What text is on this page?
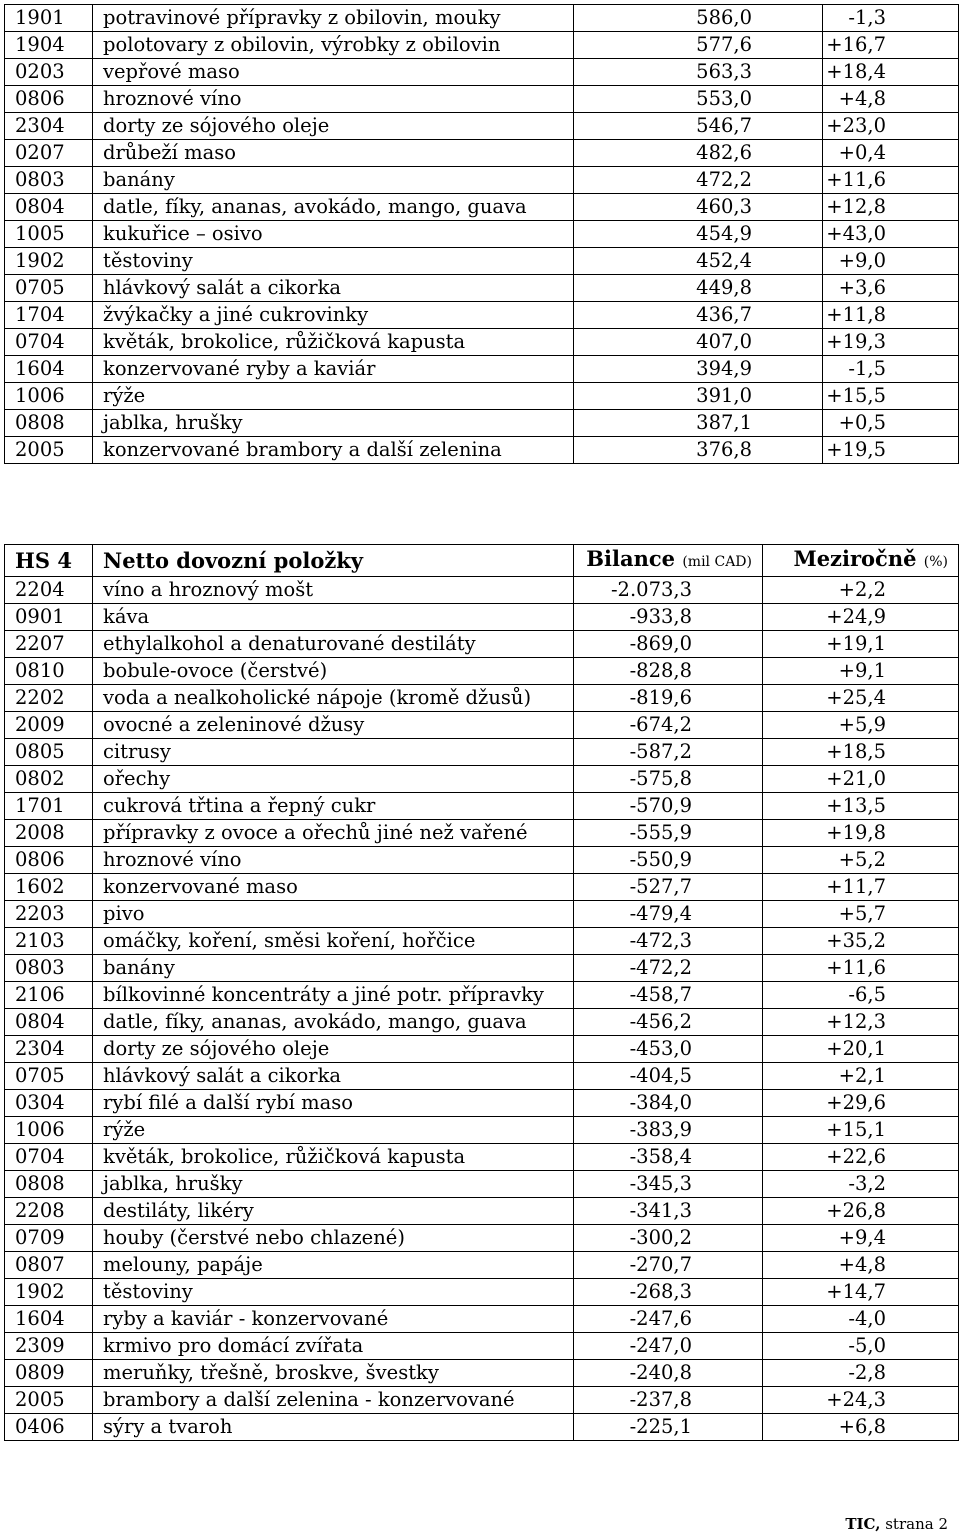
1901	potravinové přípravky z obilovin, mouky	586,0	-1,3
1904	polotovary z obilovin, výrobky z obilovin	577,6	+16,7
0203	vepřové maso	563,3	+18,4
0806	hroznové víno	553,0	+4,8
2304	dorty ze sójového oleje	546,7	+23,0
0207	drůbeží maso	482,6	+0,4
0803	banány	472,2	+11,6
0804	datle, fíky, ananas, avokádo, mango, guava	460,3	+12,8
1005	kukuřice – osivo	454,9	+43,0
1902	těstoviny	452,4	+9,0
0705	hlávkový salát a cikorka	449,8	+3,6
1704	žvýkačky a jiné cukrovinky	436,7	+11,8
0704	květák, brokolice, růžičková kapusta	407,0	+19,3
1604	konzervované ryby a kaviár	394,9	-1,5
1006	rýže	391,0	+15,5
0808	jablka, hrušky	387,1	+0,5
2005	konzervované brambory a další zelenina	376,8	+19,5
HS 4	Netto dovozní položky	Bilance (mil CAD)	Meziročně (%)
2204	víno a hroznový mošt	-2.073,3	+2,2
0901	káva	-933,8	+24,9
2207	ethylalkohol a denaturované destiláty	-869,0	+19,1
0810	bobule-ovoce (čerstvé)	-828,8	+9,1
2202	voda a nealkoholické nápoje (kromě džusů)	-819,6	+25,4
2009	ovocné a zeleninové džusy	-674,2	+5,9
0805	citrusy	-587,2	+18,5
0802	ořechy	-575,8	+21,0
1701	cukrová třtina a řepný cukr	-570,9	+13,5
2008	přípravky z ovoce a ořechů jiné než vařené	-555,9	+19,8
0806	hroznové víno	-550,9	+5,2
1602	konzervované maso	-527,7	+11,7
2203	pivo	-479,4	+5,7
2103	omáčky, koření, směsi koření, hořčice	-472,3	+35,2
0803	banány	-472,2	+11,6
2106	bílkovinné koncentráty a jiné potr. přípravky	-458,7	-6,5
0804	datle, fíky, ananas, avokádo, mango, guava	-456,2	+12,3
2304	dorty ze sójového oleje	-453,0	+20,1
0705	hlávkový salát a cikorka	-404,5	+2,1
0304	rybí filé a další rybí maso	-384,0	+29,6
1006	rýže	-383,9	+15,1
0704	květák, brokolice, růžičková kapusta	-358,4	+22,6
0808	jablka, hrušky	-345,3	-3,2
2208	destiláty, likéry	-341,3	+26,8
0709	houby (čerstvé nebo chlazené)	-300,2	+9,4
0807	melouny, papáje	-270,7	+4,8
1902	těstoviny	-268,3	+14,7
1604	ryby a kaviár - konzervované	-247,6	-4,0
2309	krmivo pro domácí zvířata	-247,0	-5,0
0809	meruňky, třešně, broskve, švestky	-240,8	-2,8
2005	brambory a další zelenina - konzervované	-237,8	+24,3
0406	sýry a tvaroh	-225,1	+6,8
TIC, strana 2
